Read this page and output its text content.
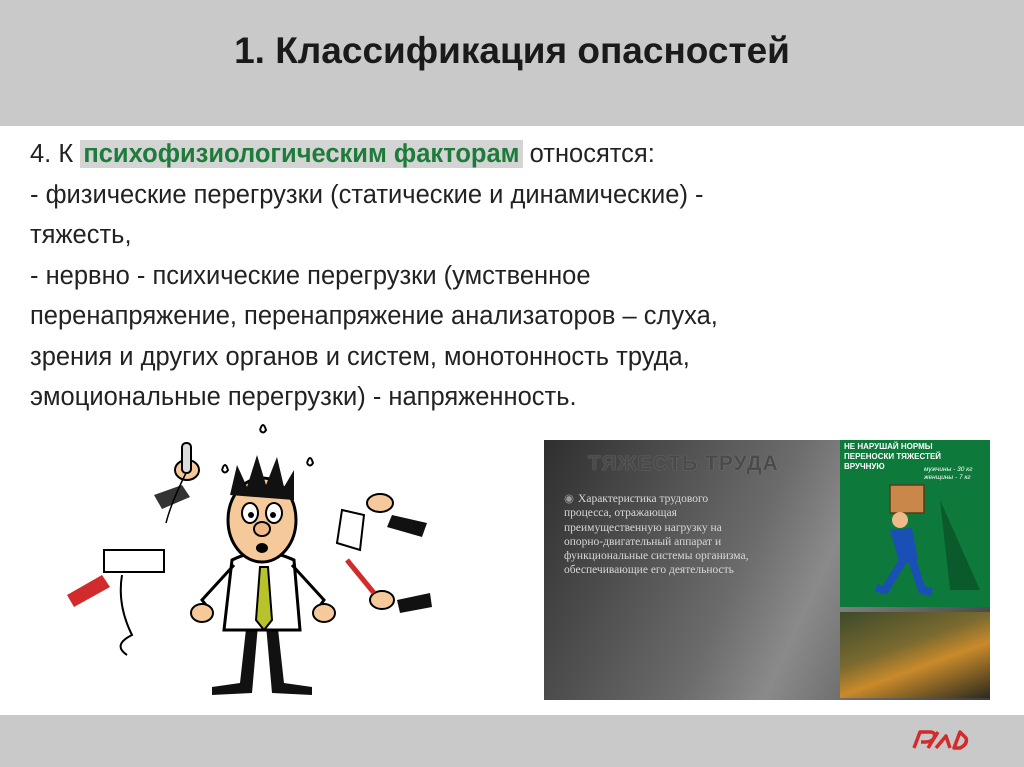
1. Классификация опасностей
4. К психофизиологическим факторам относятся:
- физические перегрузки (статические и динамические) -
тяжесть,
- нервно - психические перегрузки (умственное
перенапряжение, перенапряжение анализаторов – слуха,
зрения и других органов и систем, монотонность труда,
эмоциональные перегрузки) - напряженность.
ТЯЖЕСТЬ ТРУДА
◉ Характеристика трудового процесса, отражающая преимущественную нагрузку на опорно-двигательный аппарат и функциональные системы организма, обеспечивающие его деятельность
НЕ НАРУШАЙ НОРМЫ
ПЕРЕНОСКИ ТЯЖЕСТЕЙ
ВРУЧНУЮ	мужчины - 30 кг
женщины - 7 кг
